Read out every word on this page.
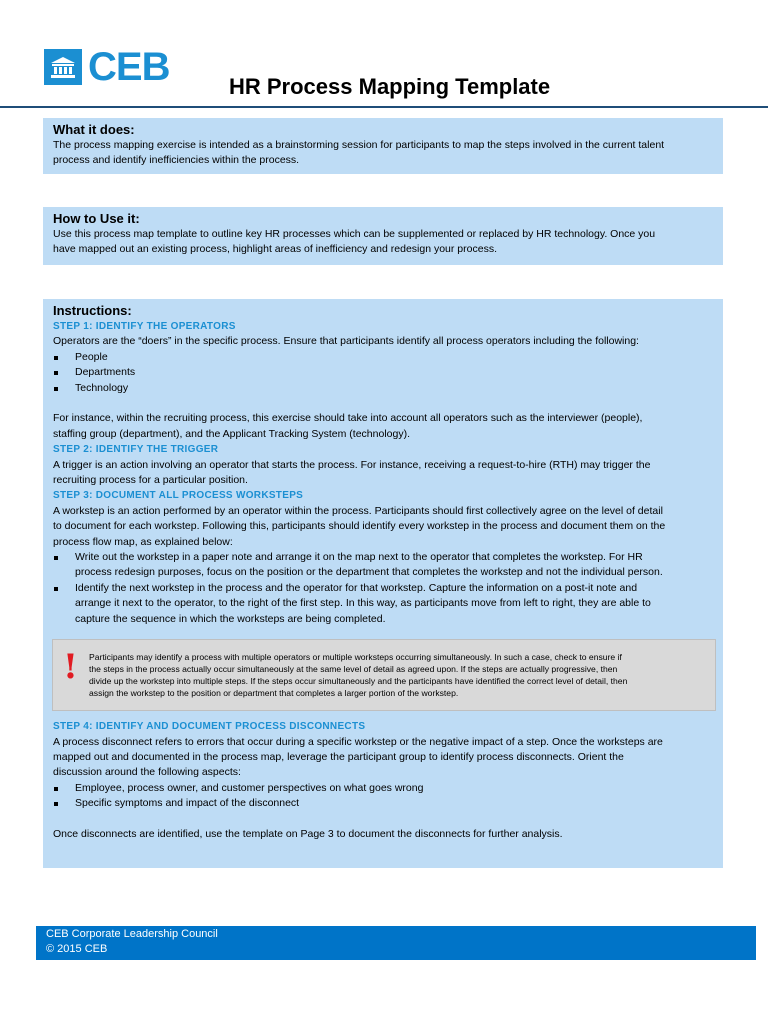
CEB	HR Process Mapping Template
What it does:
The process mapping exercise is intended as a brainstorming session for participants to map the steps involved in the current talent
process and identify inefficiencies within the process.
How to Use it:
Use this process map template to outline key HR processes which can be supplemented or replaced by HR technology. Once you
have mapped out an existing process, highlight areas of inefficiency and redesign your process.
Instructions:
STEP 1: IDENTIFY THE OPERATORS
Operators are the “doers” in the specific process. Ensure that participants identify all process operators including the following:
People
Departments
Technology
For instance, within the recruiting process, this exercise should take into account all operators such as the interviewer (people),
staffing group (department), and the Applicant Tracking System (technology).
STEP 2: IDENTIFY THE TRIGGER
A trigger is an action involving an operator that starts the process. For instance, receiving a request-to-hire (RTH) may trigger the
recruiting process for a particular position.
STEP 3: DOCUMENT ALL PROCESS WORKSTEPS
A workstep is an action performed by an operator within the process. Participants should first collectively agree on the level of detail
to document for each workstep. Following this, participants should identify every workstep in the process and document them on the
process flow map, as explained below:
Write out the workstep in a paper note and arrange it on the map next to the operator that completes the workstep. For HR
process redesign purposes, focus on the position or the department that completes the workstep and not the individual person.
Identify the next workstep in the process and the operator for that workstep. Capture the information on a post-it note and
arrange it next to the operator, to the right of the first step. In this way, as participants move from left to right, they are able to
capture the sequence in which the worksteps are being completed.
! Participants may identify a process with multiple operators or multiple worksteps occurring simultaneously. In such a case, check to ensure if
the steps in the process actually occur simultaneously at the same level of detail as agreed upon. If the steps are actually progressive, then
divide up the workstep into multiple steps. If the steps occur simultaneously and the participants have identified the correct level of detail, then
assign the workstep to the position or department that completes a larger portion of the workstep.
STEP 4: IDENTIFY AND DOCUMENT PROCESS DISCONNECTS
A process disconnect refers to errors that occur during a specific workstep or the negative impact of a step. Once the worksteps are
mapped out and documented in the process map, leverage the participant group to identify process disconnects. Orient the
discussion around the following aspects:
Employee, process owner, and customer perspectives on what goes wrong
Specific symptoms and impact of the disconnect
Once disconnects are identified, use the template on Page 3 to document the disconnects for further analysis.
CEB Corporate Leadership Council
© 2015 CEB
